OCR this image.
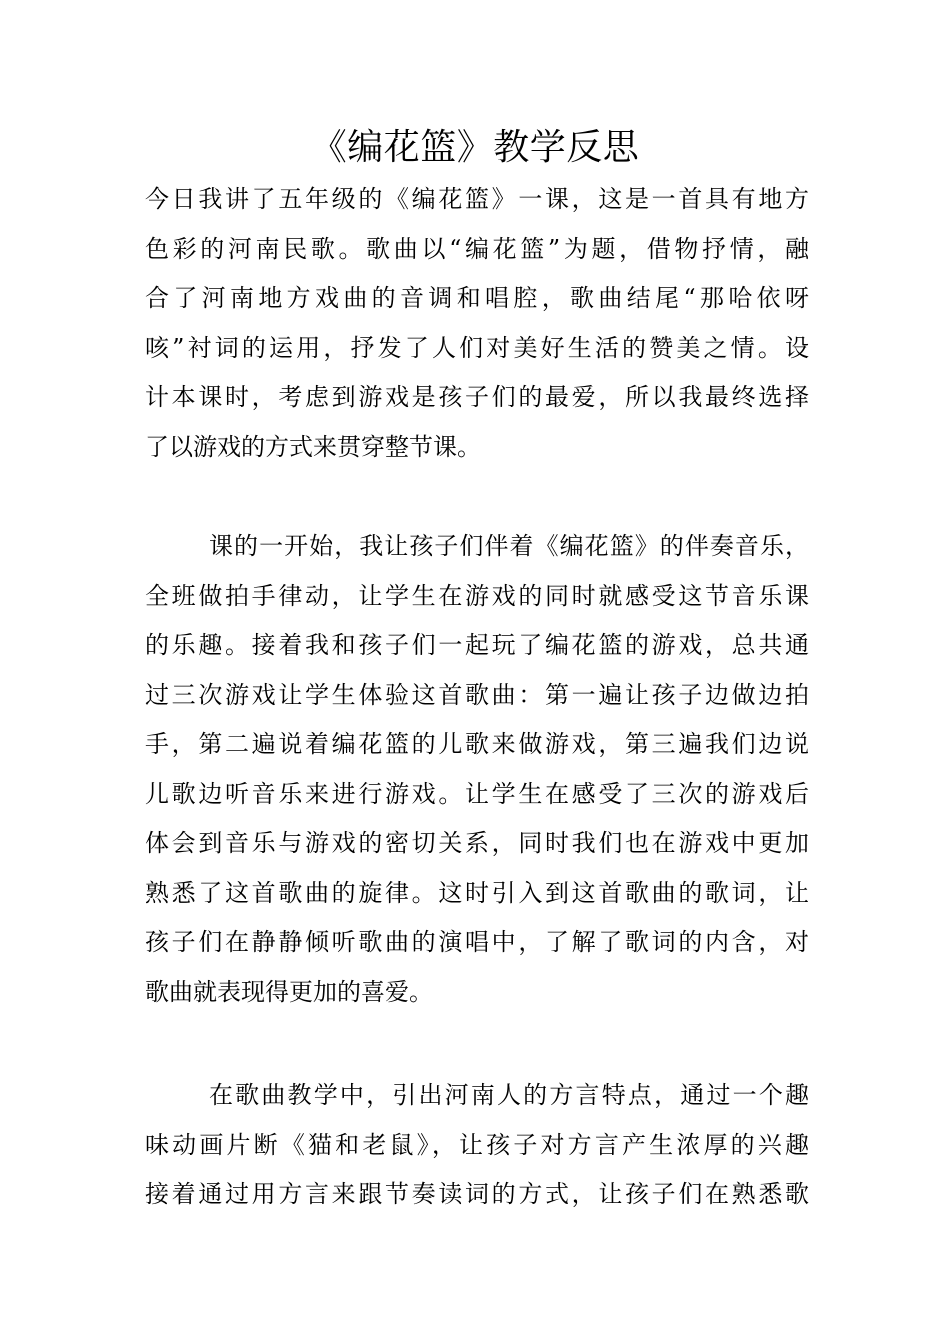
《编花篮》教学反思
今日我讲了五年级的《编花篮》一课，这是一首具有地方
色彩的河南民歌。歌曲以“编花篮”为题，借物抒情，融
合了河南地方戏曲的音调和唱腔，歌曲结尾“那哈依呀
咳”衬词的运用，抒发了人们对美好生活的赞美之情。设
计本课时，考虑到游戏是孩子们的最爱，所以我最终选择
了以游戏的方式来贯穿整节课。
课的一开始，我让孩子们伴着《编花篮》的伴奏音乐，
全班做拍手律动，让学生在游戏的同时就感受这节音乐课
的乐趣。接着我和孩子们一起玩了编花篮的游戏，总共通
过三次游戏让学生体验这首歌曲：第一遍让孩子边做边拍
手，第二遍说着编花篮的儿歌来做游戏，第三遍我们边说
儿歌边听音乐来进行游戏。让学生在感受了三次的游戏后
体会到音乐与游戏的密切关系，同时我们也在游戏中更加
熟悉了这首歌曲的旋律。这时引入到这首歌曲的歌词，让
孩子们在静静倾听歌曲的演唱中，了解了歌词的内含，对
歌曲就表现得更加的喜爱。
在歌曲教学中，引出河南人的方言特点，通过一个趣
味动画片断《猫和老鼠》，让孩子对方言产生浓厚的兴趣
接着通过用方言来跟节奏读词的方式，让孩子们在熟悉歌
